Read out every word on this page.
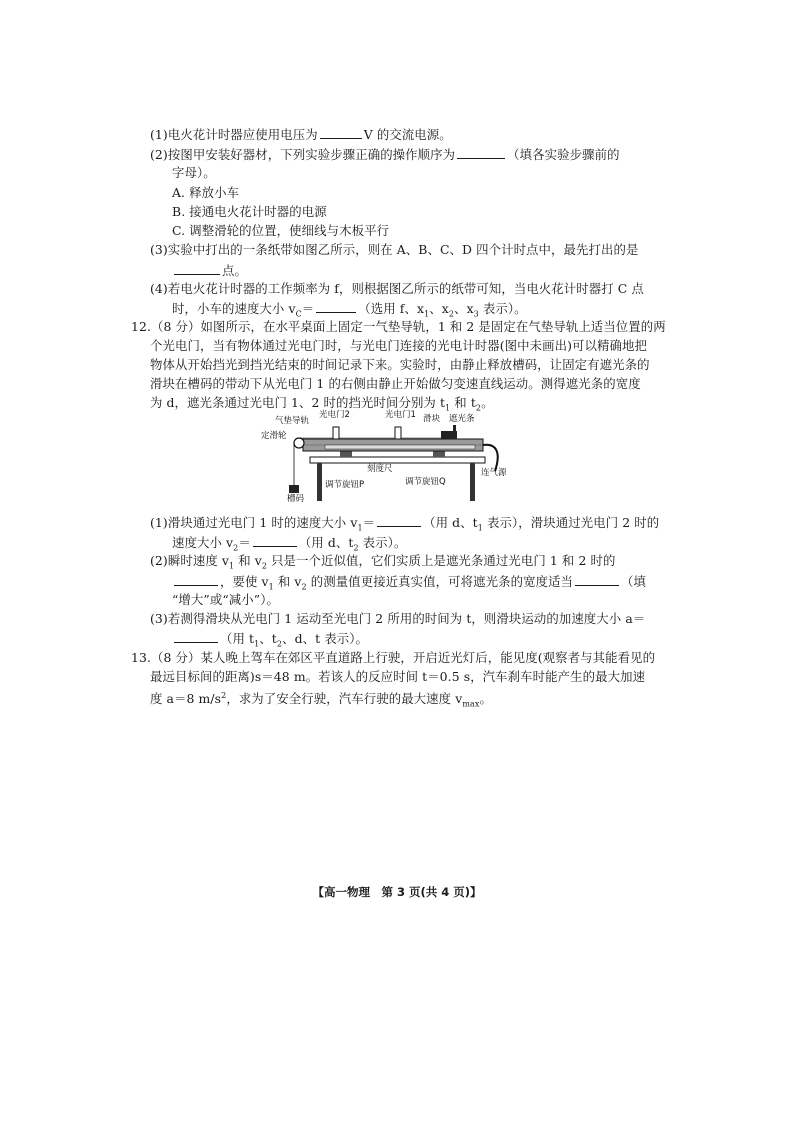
(1)电火花计时器应使用电压为	V 的交流电源。
(2)按图甲安装好器材，下列实验步骤正确的操作顺序为	（填各实验步骤前的
字母）。
A. 释放小车
B. 接通电火花计时器的电源
C. 调整滑轮的位置，使细线与木板平行
(3)实验中打出的一条纸带如图乙所示，则在 A、B、C、D 四个计时点中，最先打出的是
点。
(4)若电火花计时器的工作频率为 f，则根据图乙所示的纸带可知，当电火花计时器打 C 点
时，小车的速度大小 $v_C=$	（选用 f、$x_1$、$x_2$、$x_3$ 表示）。
12.（8 分）如图所示，在水平桌面上固定一气垫导轨，1 和 2 是固定在气垫导轨上适当位置的两
个光电门，当有物体通过光电门时，与光电门连接的光电计时器(图中未画出)可以精确地把
物体从开始挡光到挡光结束的时间记录下来。实验时，由静止释放槽码，让固定有遮光条的
滑块在槽码的带动下从光电门 1 的右侧由静止开始做匀变速直线运动。测得遮光条的宽度
为 d，遮光条通过光电门 1、2 时的挡光时间分别为 $t_1$ 和 $t_2$。
气垫导轨
光电门2	光电门1 滑块 遮光条
定滑轮
刻度尺
调节旋钮P	调节旋钮Q
连气源
槽码
(1)滑块通过光电门 1 时的速度大小 $v_1=$	（用 d、$t_1$ 表示），滑块通过光电门 2 时的
速度大小 $v_2=$	（用 d、$t_2$ 表示）。
(2)瞬时速度 $v_1$ 和 $v_2$ 只是一个近似值，它们实质上是遮光条通过光电门 1 和 2 时的
，要使 $v_1$ 和 $v_2$ 的测量值更接近真实值，可将遮光条的宽度适当	（填
“增大”或“减小”）。
(3)若测得滑块从光电门 1 运动至光电门 2 所用的时间为 t，则滑块运动的加速度大小 a＝
（用 $t_1$、$t_2$、d、t 表示）。
13.（8 分）某人晚上驾车在郊区平直道路上行驶，开启近光灯后，能见度(观察者与其能看见的
最远目标间的距离)s＝48 m。若该人的反应时间 t＝0.5 s，汽车刹车时能产生的最大加速
度 a＝8 $m/s^2$，求为了安全行驶，汽车行驶的最大速度 $v_{max}$。
【高一物理　第 3 页(共 4 页)】
